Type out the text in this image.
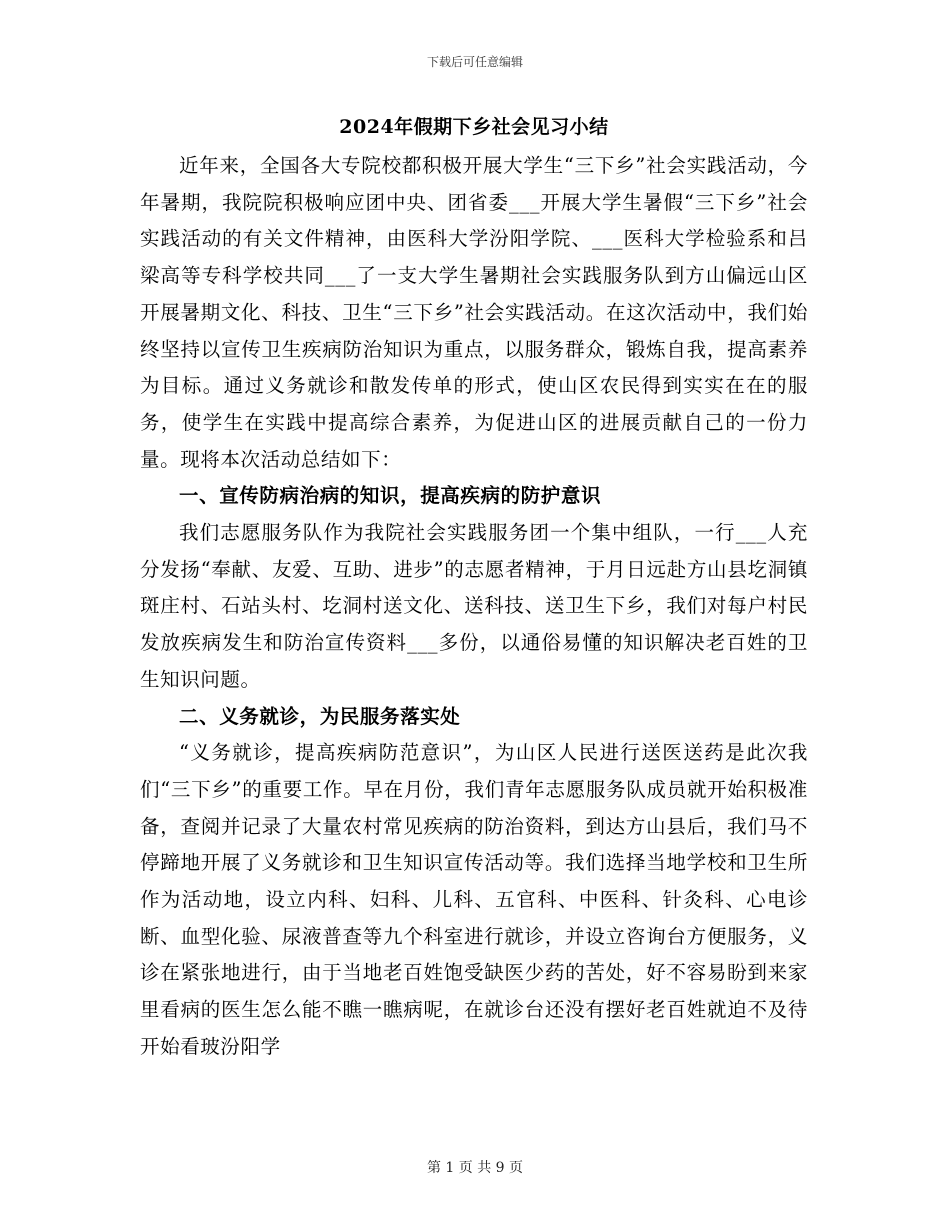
下载后可任意编辑
2024年假期下乡社会见习小结

近年来，全国各大专院校都积极开展大学生“三下乡”社会实践活动，今年暑期，我院院积极响应团中央、团省委___开展大学生暑假“三下乡”社会实践活动的有关文件精神，由医科大学汾阳学院、___医科大学检验系和吕梁高等专科学校共同___了一支大学生暑期社会实践服务队到方山偏远山区开展暑期文化、科技、卫生“三下乡”社会实践活动。在这次活动中，我们始终坚持以宣传卫生疾病防治知识为重点，以服务群众，锻炼自我，提高素养为目标。通过义务就诊和散发传单的形式，使山区农民得到实实在在的服务，使学生在实践中提高综合素养，为促进山区的进展贡献自己的一份力量。现将本次活动总结如下：

一、宣传防病治病的知识，提高疾病的防护意识

我们志愿服务队作为我院社会实践服务团一个集中组队，一行___人充分发扬“奉献、友爱、互助、进步”的志愿者精神，于月日远赴方山县圪洞镇斑庄村、石站头村、圪洞村送文化、送科技、送卫生下乡，我们对每户村民发放疾病发生和防治宣传资料___多份，以通俗易懂的知识解决老百姓的卫生知识问题。

二、义务就诊，为民服务落实处

“义务就诊，提高疾病防范意识”，为山区人民进行送医送药是此次我们“三下乡”的重要工作。早在月份，我们青年志愿服务队成员就开始积极准备，查阅并记录了大量农村常见疾病的防治资料，到达方山县后，我们马不停蹄地开展了义务就诊和卫生知识宣传活动等。我们选择当地学校和卫生所作为活动地，设立内科、妇科、儿科、五官科、中医科、针灸科、心电诊断、血型化验、尿液普查等九个科室进行就诊，并设立咨询台方便服务，义诊在紧张地进行，由于当地老百姓饱受缺医少药的苦处，好不容易盼到来家里看病的医生怎么能不瞧一瞧病呢，在就诊台还没有摆好老百姓就迫不及待开始看玻汾阳学

第 1 页 共 9 页
